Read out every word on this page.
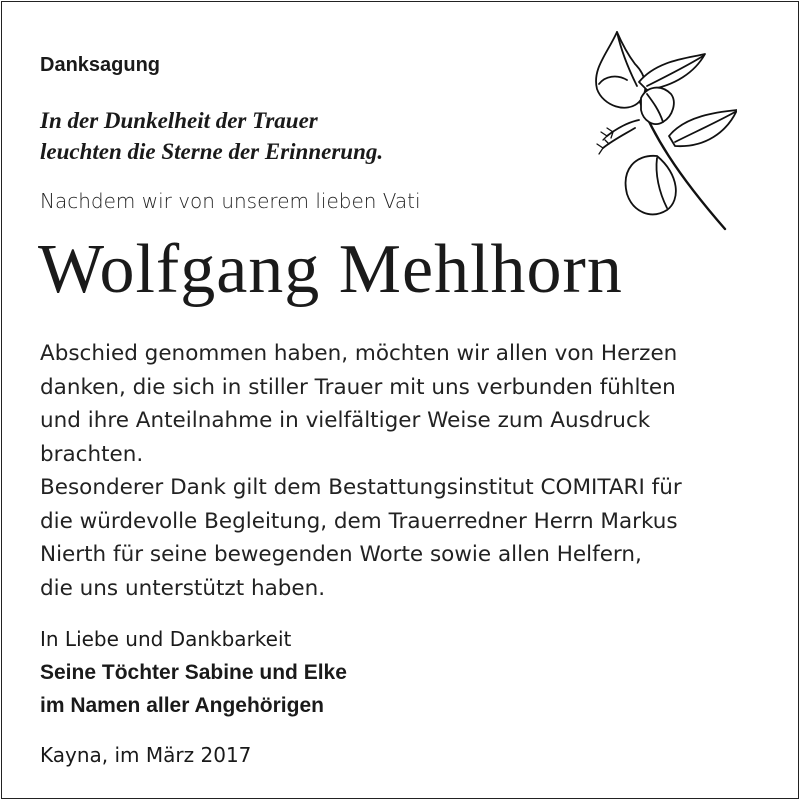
Danksagung
In der Dunkelheit der Trauer
leuchten die Sterne der Erinnerung.
Nachdem wir von unserem lieben Vati
Wolfgang Mehlhorn
Abschied genommen haben, möchten wir allen von Herzen
danken, die sich in stiller Trauer mit uns verbunden fühlten
und ihre Anteilnahme in vielfältiger Weise zum Ausdruck
brachten.
Besonderer Dank gilt dem Bestattungsinstitut COMITARI für
die würdevolle Begleitung, dem Trauerredner Herrn Markus
Nierth für seine bewegenden Worte sowie allen Helfern,
die uns unterstützt haben.
In Liebe und Dankbarkeit
Seine Töchter Sabine und Elke
im Namen aller Angehörigen
Kayna, im März 2017
